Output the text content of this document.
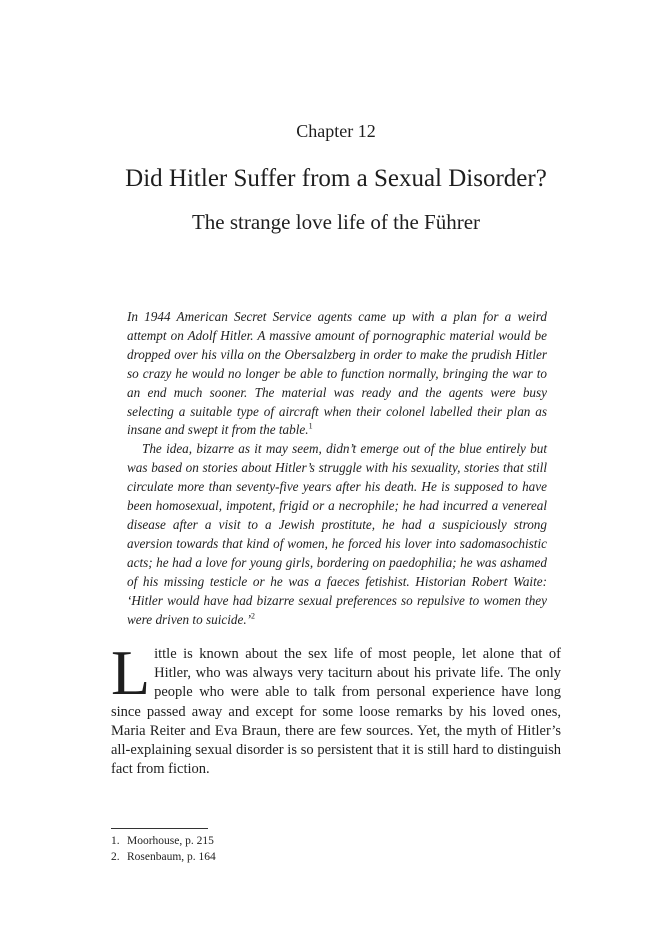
Chapter 12
Did Hitler Suffer from a Sexual Disorder?
The strange love life of the Führer

In 1944 American Secret Service agents came up with a plan for a weird attempt on Adolf Hitler. A massive amount of pornographic material would be dropped over his villa on the Obersalzberg in order to make the prudish Hitler so crazy he would no longer be able to function normally, bringing the war to an end much sooner. The material was ready and the agents were busy selecting a suitable type of aircraft when their colonel labelled their plan as insane and swept it from the table.$^1$

The idea, bizarre as it may seem, didn’t emerge out of the blue entirely but was based on stories about Hitler’s struggle with his sexuality, stories that still circulate more than seventy-five years after his death. He is supposed to have been homosexual, impotent, frigid or a necrophile; he had incurred a venereal disease after a visit to a Jewish prostitute, he had a suspiciously strong aversion towards that kind of women, he forced his lover into sadomasochistic acts; he had a love for young girls, bordering on paedophilia; he was ashamed of his missing testicle or he was a faeces fetishist. Historian Robert Waite: ‘Hitler would have had bizarre sexual preferences so repulsive to women they were driven to suicide.’$^2$

Little is known about the sex life of most people, let alone that of Hitler, who was always very taciturn about his private life. The only people who were able to talk from personal experience have long since passed away and except for some loose remarks by his loved ones, Maria Reiter and Eva Braun, there are few sources. Yet, the myth of Hitler’s all-explaining sexual disorder is so persistent that it is still hard to distinguish fact from fiction.

1. Moorhouse, p. 215
2. Rosenbaum, p. 164
